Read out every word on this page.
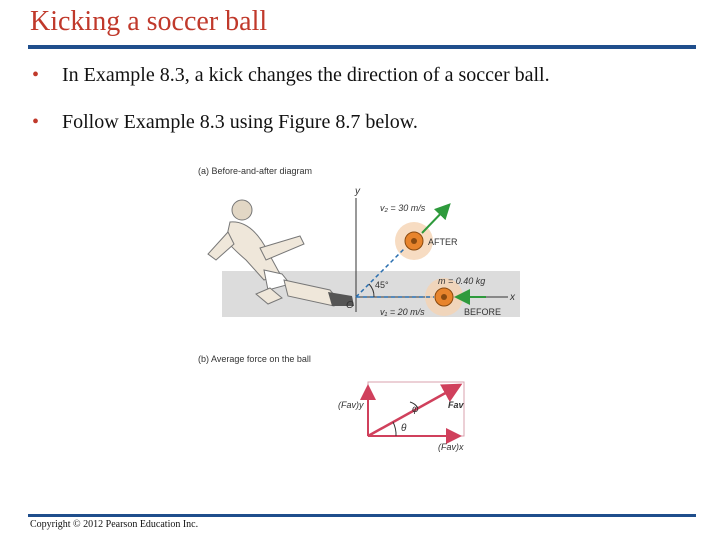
Kicking a soccer ball
•	In Example 8.3, a kick changes the direction of a soccer ball.
•	Follow Example 8.3 using Figure 8.7 below.
(a) Before-and-after diagram
y
x
O
45°
v₂ = 30 m/s
AFTER
m = 0.40 kg
v₁ = 20 m/s	BEFORE
(b) Average force on the ball
(Fav)y	Fav
(Fav)x
φ
θ
Copyright © 2012 Pearson Education Inc.
